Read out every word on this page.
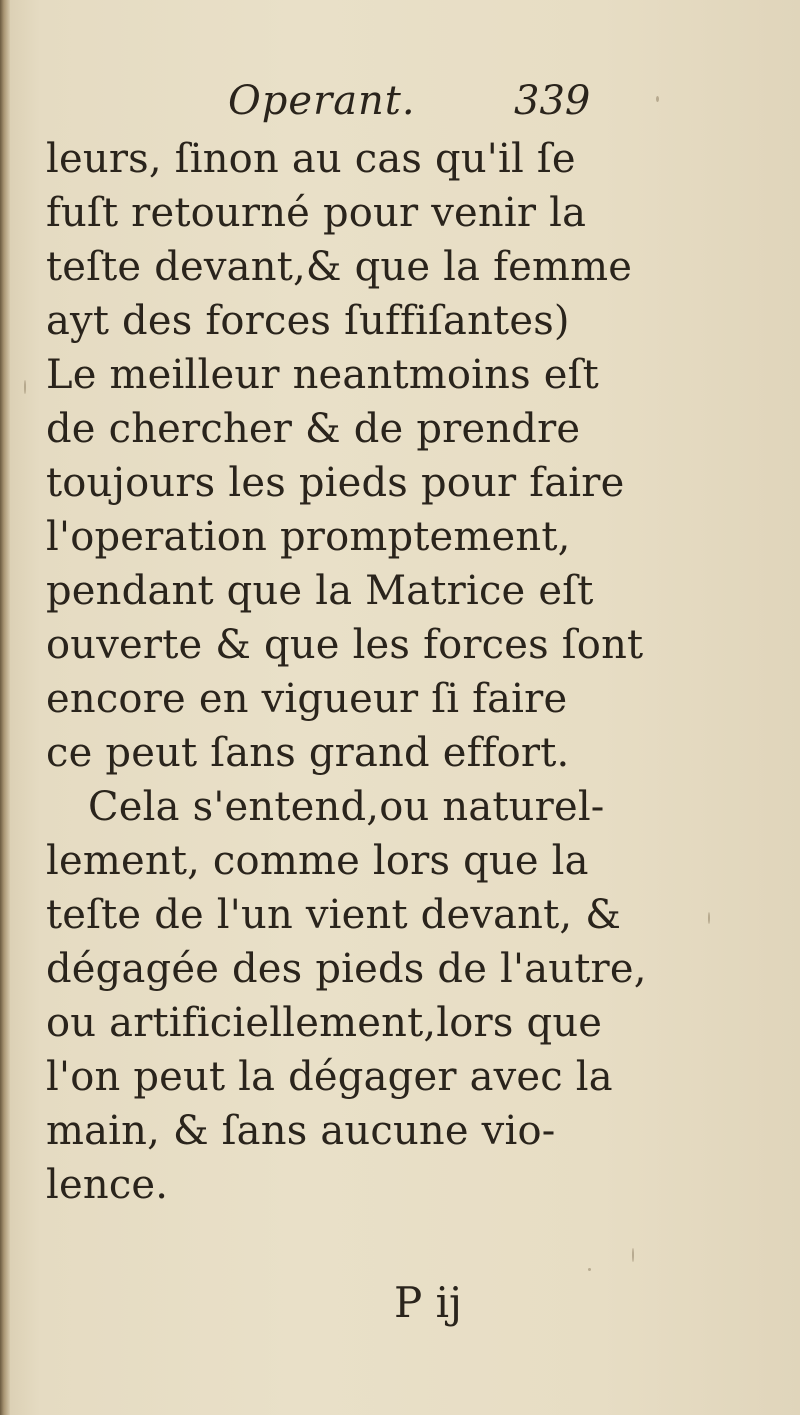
Operant. 339
leurs, ſinon au cas qu'il ſe
fuſt retourné pour venir la
teſte devant,& que la femme
ayt des forces ſuffiſantes)
Le meilleur neantmoins eſt
de chercher & de prendre
toujours les pieds pour faire
l'operation promptement,
pendant que la Matrice eſt
ouverte & que les forces ſont
encore en vigueur ſi faire
ce peut ſans grand effort.
Cela s'entend,ou naturel-
lement, comme lors que la
teſte de l'un vient devant, &
dégagée des pieds de l'autre,
ou artificiellement,lors que
l'on peut la dégager avec la
main, & ſans aucune vio-
lence.
P ij
